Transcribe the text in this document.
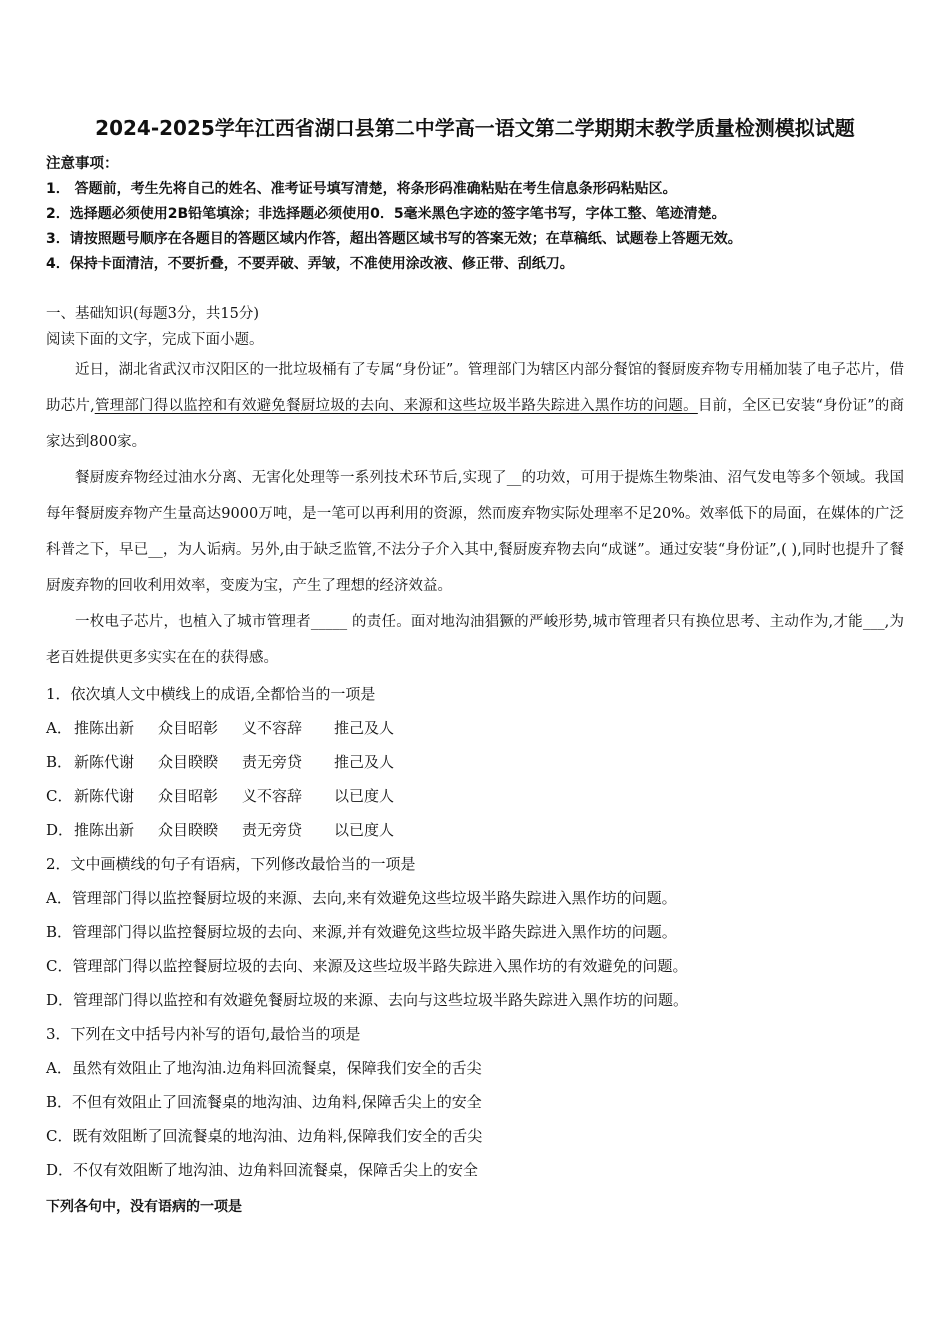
2024-2025学年江西省湖口县第二中学高一语文第二学期期末教学质量检测模拟试题
注意事项：
1． 答题前，考生先将自己的姓名、准考证号填写清楚，将条形码准确粘贴在考生信息条形码粘贴区。
2．选择题必须使用2B铅笔填涂；非选择题必须使用0．5毫米黑色字迹的签字笔书写，字体工整、笔迹清楚。
3．请按照题号顺序在各题目的答题区域内作答，超出答题区域书写的答案无效；在草稿纸、试题卷上答题无效。
4．保持卡面清洁，不要折叠，不要弄破、弄皱，不准使用涂改液、修正带、刮纸刀。
一、基础知识(每题3分，共15分)
阅读下面的文字，完成下面小题。
近日，湖北省武汉市汉阳区的一批垃圾桶有了专属“身份证”。管理部门为辖区内部分餐馆的餐厨废弃物专用桶加装了电子芯片，借助芯片,管理部门得以监控和有效避免餐厨垃圾的去向、来源和这些垃圾半路失踪进入黑作坊的问题。目前，全区已安装“身份证”的商家达到800家。
餐厨废弃物经过油水分离、无害化处理等一系列技术环节后,实现了__的功效，可用于提炼生物柴油、沼气发电等多个领域。我国每年餐厨废弃物产生量高达9000万吨，是一笔可以再利用的资源，然而废弃物实际处理率不足20%。效率低下的局面，在媒体的广泛科普之下，早已__，为人诟病。另外,由于缺乏监管,不法分子介入其中,餐厨废弃物去向“成谜”。通过安装“身份证”,( ),同时也提升了餐厨废弃物的回收利用效率，变废为宝，产生了理想的经济效益。
一枚电子芯片，也植入了城市管理者_____ 的责任。面对地沟油猖獗的严峻形势,城市管理者只有换位思考、主动作为,才能___,为老百姓提供更多实实在在的获得感。
1．依次填人文中横线上的成语,全都恰当的一项是
A． 推陈出新 众目昭彰 义不容辞 推己及人
B． 新陈代谢 众目睽睽 责无旁贷 推己及人
C． 新陈代谢 众目昭彰 义不容辞 以已度人
D．推陈出新 众目睽睽 责无旁贷 以已度人
2．文中画横线的句子有语病，下列修改最恰当的一项是
A．管理部门得以监控餐厨垃圾的来源、去向,来有效避免这些垃圾半路失踪进入黑作坊的问题。
B．管理部门得以监控餐厨垃圾的去向、来源,并有效避免这些垃圾半路失踪进入黑作坊的问题。
C．管理部门得以监控餐厨垃圾的去向、来源及这些垃圾半路失踪进入黑作坊的有效避免的问题。
D．管理部门得以监控和有效避免餐厨垃圾的来源、去向与这些垃圾半路失踪进入黑作坊的问题。
3．下列在文中括号内补写的语句,最恰当的项是
A．虽然有效阻止了地沟油.边角料回流餐桌，保障我们安全的舌尖
B．不但有效阻止了回流餐桌的地沟油、边角料,保障舌尖上的安全
C．既有效阻断了回流餐桌的地沟油、边角料,保障我们安全的舌尖
D．不仅有效阻断了地沟油、边角料回流餐桌，保障舌尖上的安全
下列各句中，没有语病的一项是
